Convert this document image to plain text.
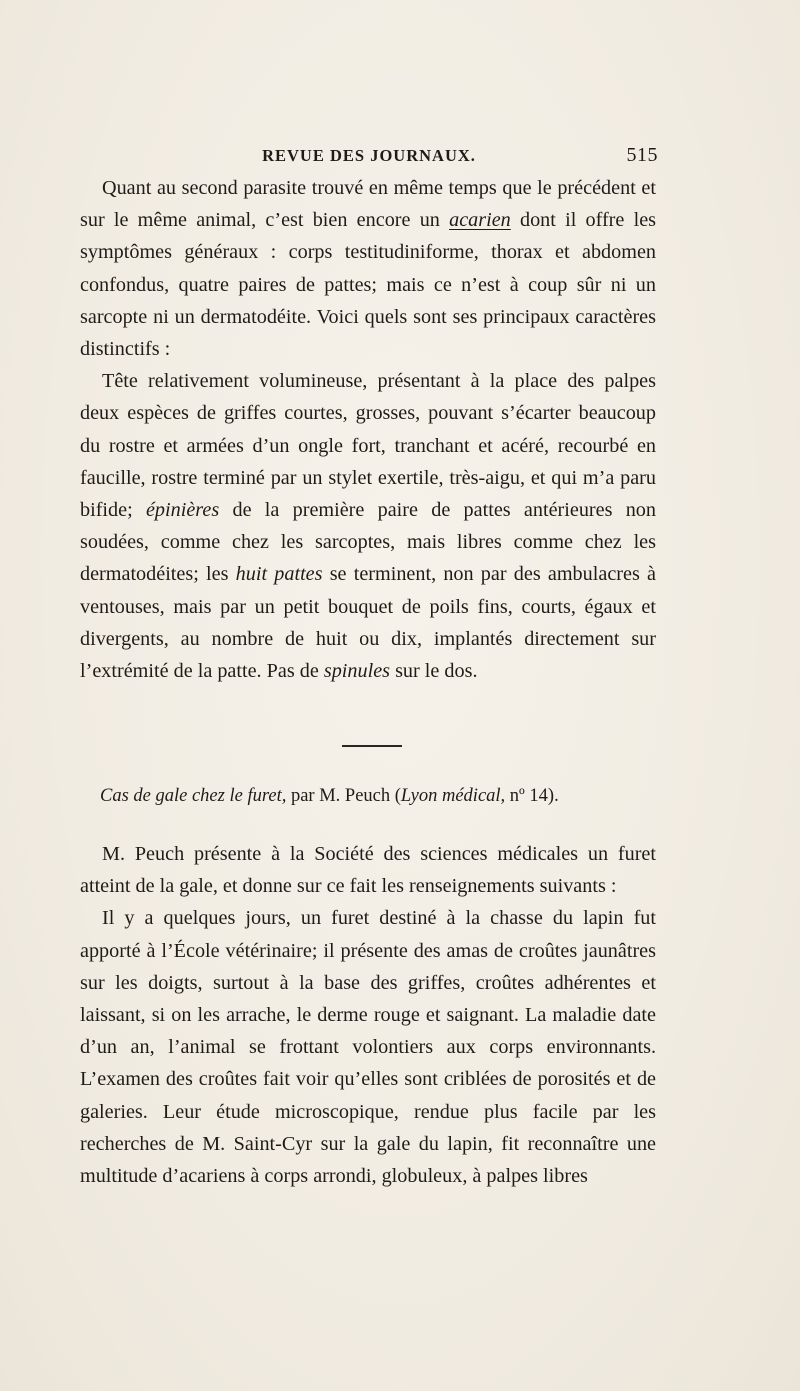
REVUE DES JOURNAUX.	515

Quant au second parasite trouvé en même temps que le précédent et sur le même animal, c’est bien encore un acarien dont il offre les symptômes généraux : corps testitudiniforme, thorax et abdomen confondus, quatre paires de pattes; mais ce n’est à coup sûr ni un sarcopte ni un dermatodéite. Voici quels sont ses principaux caractères distinctifs :

Tête relativement volumineuse, présentant à la place des palpes deux espèces de griffes courtes, grosses, pouvant s’écarter beaucoup du rostre et armées d’un ongle fort, tranchant et acéré, recourbé en faucille, rostre terminé par un stylet exertile, très-aigu, et qui m’a paru bifide; épinières de la première paire de pattes antérieures non soudées, comme chez les sarcoptes, mais libres comme chez les dermatodéites; les huit pattes se terminent, non par des ambulacres à ventouses, mais par un petit bouquet de poils fins, courts, égaux et divergents, au nombre de huit ou dix, implantés directement sur l’extrémité de la patte. Pas de spinules sur le dos.

Cas de gale chez le furet, par M. Peuch (Lyon médical, nº 14).

M. Peuch présente à la Société des sciences médicales un furet atteint de la gale, et donne sur ce fait les renseignements suivants :

Il y a quelques jours, un furet destiné à la chasse du lapin fut apporté à l’École vétérinaire; il présente des amas de croûtes jaunâtres sur les doigts, surtout à la base des griffes, croûtes adhérentes et laissant, si on les arrache, le derme rouge et saignant. La maladie date d’un an, l’animal se frottant volontiers aux corps environnants. L’examen des croûtes fait voir qu’elles sont criblées de porosités et de galeries. Leur étude microscopique, rendue plus facile par les recherches de M. Saint-Cyr sur la gale du lapin, fit reconnaître une multitude d’acariens à corps arrondi, globuleux, à palpes libres
